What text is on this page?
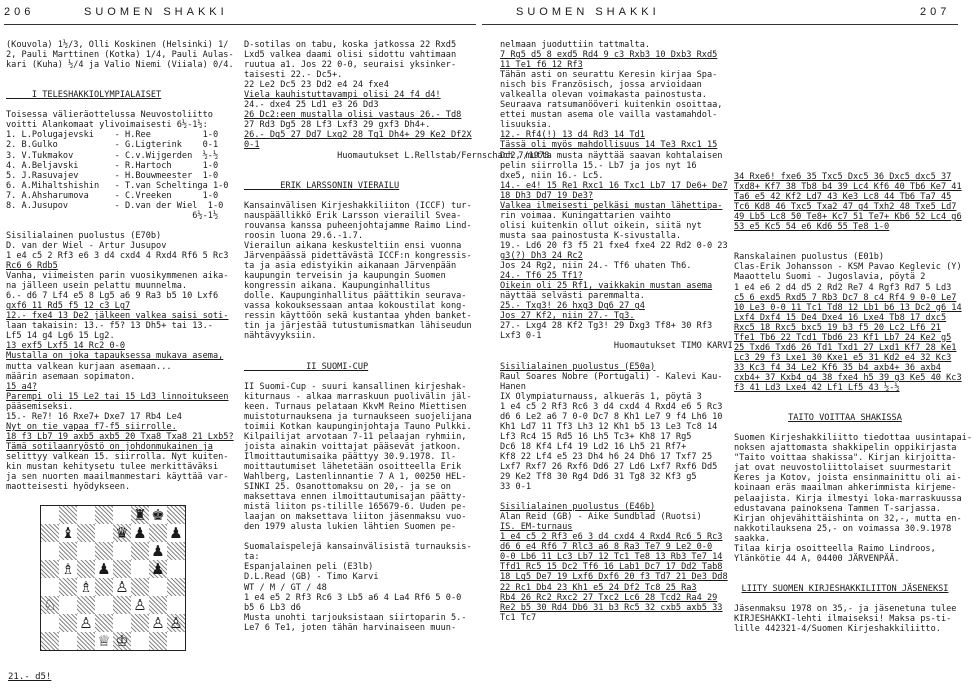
206	SUOMEN SHAKKI

(Kouvola) 1½/3, Olli Koskinen (Helsinki) 1/

2, Pauli Marttinen (Kotka) 1/4, Pauli Aulas-

kari (Kuha) ½/4 ja Valio Niemi (Viiala) 0/4.

I TELESHAKKIOLYMPIALAISET

Toisessa välieräottelussa Neuvostoliitto

voitti Alankomaat ylivoimaisesti 6½-1½:

1. L.Polugajevski    - H.Ree          1-0

2. B.Gulko           - G.Ligterink    0-1

3. V.Tukmakov        - C.v.Wijgerden  ½-½

4. A.Beljavski       - R.Hartoch      1-0

5. J.Rasuvajev       - H.Bouwmeester  1-0

6. A.Mihaltshishin   - T.van Scheltinga 1-0

7. A.Ahsharumova     - C.Vreeken      1-0

8. A.Jusupov         - D.van der Wiel  1-0

6½-1½

Sisilialainen puolustus (E70b)

D. van der Wiel - Artur Jusupov

1 e4 c5 2 Rf3 e6 3 d4 cxd4 4 Rxd4 Rf6 5 Rc3

Rc6 6 Rdb5

Vanha, viimeisten parin vuosikymmenen aika-

na jälleen usein pelattu muunnelma.

6.- d6 7 Lf4 e5 8 Lg5 a6 9 Ra3 b5 10 Lxf6

gxf6 11 Rd5 f5 12 c3 Lg7

12.- fxe4 13 De2 jälkeen valkea saisi soti-

laan takaisin: 13.- f5? 13 Dh5+ tai 13.-

Lf5 14 g4 Lg6 15 Lg2.

13 exf5 Lxf5 14 Rc2 0-0

Mustalla on joka tapauksessa mukava asema,

mutta valkean kurjaan asemaan...

määrin asemaan sopimaton.

15 a4?

Parempi oli 15 Le2 tai 15 Ld3 linnoitukseen

pääsemiseksi.

15.- Re7! 16 Rxe7+ Dxe7 17 Rb4 Le4

Nyt on tie vapaa f7-f5 siirrolle.

18 f3 Lb7 19 axb5 axb5 20 Txa8 Txa8 21 Lxb5?

Tämä sotilaanryöstö on johdonmukainen ja

selittyy valkean 15. siirrolla. Nyt kuiten-

kin mustan kehitysetu tulee merkittäväksi

ja sen nuorten maailmanmestari käyttää var-

maotteisesti hyödykseen.

♚
♛ ♟
♜
♝	♟
♟
♟	♟
♗
♙
♘	♙
♙	♙ ♙
♕ ♔
♗
21.- d5!

D-sotilas on tabu, koska jatkossa 22 Rxd5

Lxd5 valkea daami olisi sidottu vahtimaan

ruutua a1. Jos 22 0-0, seuraisi yksinker-

taisesti 22.- Dc5+.

22 Le2 Dc5 23 Dd2 e4 24 fxe4

Viela kauhistuttavampi olisi 24 f4 d4!

24.- dxe4 25 Ld1 e3 26 Dd3

26 Dc2:een mustalla olisi vastaus 26.- Td8

27 Rd3 Dg5 28 Lf3 Lxf3 29 gxf3 Dh4+.

26.- Dg5 27 Dd7 Lxg2 28 Tg1 Dh4+ 29 Ke2 Df2X

0-1

Huomautukset L.Rellstab/Fernschach 7/1978

ERIK LARSSONIN VIERAILU

Kansainvälisen Kirjeshakkiliiton (ICCF) tur-

nauspäällikkö Erik Larsson vierailil Svea-

rouvansa kanssa puheenjohtajamme Raimo Lind-

roosin luona 29.6.-1.7.

Vierailun aikana keskusteltiin ensi vuonna

Järvenpäässä pidettävästä ICCF:n kongressis-

ta ja asia edistyikin aikanaan Järvenpään

kaupungin terveisin ja kaupungin Suomen

kongressin aikana. Kaupunginhallitus

dolle. Kaupunginhallitus päättikin seurava-

vassa kokouksessaan antaa kokoustilat kong-

ressin käyttöön sekä kustantaa yhden banket-

tin ja järjestää tutustumismatkan lähiseudun

nähtävyyksiin.

II SUOMI-CUP

II Suomi-Cup - suuri kansallinen kirjeshak-

kiturnaus - alkaa marraskuun puolivälin jäl-

keen. Turnaus pelataan KkvM Reino Miettisen

muistoturnauksena ja turnaukseen suojelijana

toimii Kotkan kaupunginjohtaja Tauno Pulkki.

Kilpailijat arvotaan 7-11 pelaajan ryhmiin,

joista ainakin voittajat pääsevät jatkoon.

Ilmoittautumisaika päättyy 30.9.1978. Il-

moittautumiset lähetetään osoitteella Erik

Wahlberg, Lastenlinnantie 7 A 1, 00250 HEL-

SINKI 25. Osanottomaksu on 20,- ja se on

maksettava ennen ilmoittautumisajan päätty-

mistä liiton ps-tilille 165679-6. Uuden pe-

laajan on maksettava liiton jäsenmaksu vuo-

den 1979 alusta lukien lähtien Suomen pe-

Suomalaispelejä kansainvälisistä turnauksis-

ta:

Espanjalainen peli (E3lb)

D.L.Read (GB) - Timo Karvi

WT / M / GT / 48

1 e4 e5 2 Rf3 Rc6 3 Lb5 a6 4 La4 Rf6 5 0-0

b5 6 Lb3 d6

Musta unohti tarjouksistaan siirtoparin 5.-

Le7 6 Te1, joten tähän harvinaiseen muun-

SUOMEN SHAKKI	207

nelmaan juoduttiin tattmalta.

7 Rg5 d5 8 exd5 Rd4 9 c3 Rxb3 10 Dxb3 Rxd5

11 Te1 f6 12 Rf3

Tähän asti on seurattu Keresin kirjaa Spa-

nisch bis Französisch, jossa arvioidaan

valkealla olevan voimakasta painostusta.

Seuraava ratsumanööveri kuitenkin osoittaa,

ettei mustan asema ole vailla vastamahdol-

lisuuksia.

12.- Rf4(!) 13 d4 Rd3 14 Td1

Tässä oli myös mahdollisuus 14 Te3 Rxc1 15

Dc2, mutta musta näyttää saavan kohtalaisen

pelin siirrolla 15.- Lb7 ja jos nyt 16

dxe5, niin 16.- Lc5.

14.- e4! 15 Re1 Rxc1 16 Txc1 Lb7 17 De6+ De7

18 Dh3 Dd7 19 De3?

Valkea ilmeisesti pelkäsi mustan lähettipa-

rin voimaa. Kuningattarien vaihto

olisi kuitenkin ollut oikein, siitä nyt

musta saa painostusta K-sivustalla.

19.- Ld6 20 f3 f5 21 fxe4 fxe4 22 Rd2 0-0 23

g3(?) Dh3 24 Rc2

Jos 24 Rg2, niin 24.- Tf6 uhaten Th6.

24.- Tf6 25 Tf1?

Oikein oli 25 Rf1, vaikkakin mustan asema

näyttää selvästi paremmalta.

25.- Txg3! 26 hxg3 Dg6 27 g4

Jos 27 Kf2, niin 27.- Tg3.

27.- Lxg4 28 Kf2 Tg3! 29 Dxg3 Tf8+ 30 Rf3

Lxf3 0-1

Huomautukset TIMO KARVI

Sisilialainen puolustus (E50a)

Raul Soares Nobre (Portugali) - Kalevi Kau-

Hanen

IX Olympiaturnauss, alkueräs 1, pöytä 3

1 e4 c5 2 Rf3 Rc6 3 d4 cxd4 4 Rxd4 e6 5 Rc3

d6 6 Le2 a6 7 0-0 Dc7 8 Kh1 Le7 9 f4 Lh6 10

Kh1 Ld7 11 Tf3 Lh3 12 Kh1 b5 13 Le3 Tc8 14

Lf3 Rc4 15 Rd5 16 Lh5 Tc3+ Kh8 17 Rg5

Dc6 18 Kf4 Lf4 19 Ld2 16 Lh5 21 Rf7+

Kf8 22 Lf4 e5 23 Dh4 h6 24 Dh6 17 Txf7 25

Lxf7 Rxf7 26 Rxf6 Dd6 27 Ld6 Lxf7 Rxf6 Dd5

29 Ke2 Tf8 30 Rg4 Dd6 31 Tg8 32 Kf3 g5

33 0-1

Sisilialainen puolustus (E46b)

Alan Reid (GB) - Aike Sundblad (Ruotsi)

IS. EM-turnaus

1 e4 c5 2 Rf3 e6 3 d4 cxd4 4 Rxd4 Rc6 5 Rc3

d6 6 e4 Rf6 7 Rlc3 a6 8 Ra3 Te7 9 Le2 0-0

0-0 Lb6 11 Lc3 Lb7 12 Tc1 Te8 13 Rb3 Te7 14

Tfd1 Rc5 15 Dc2 Tf6 16 Lab1 Dc7 17 Dd2 Tab8

18 Lg5 De7 19 Lxf6 Dxf6 20 f3 Td7 21 De3 Dd8

22 Rc1 Db4 23 Kh1 e5 24 Df2 Tc8 25 Ra3

Rb4 26 Rc2 Rxc2 27 Txc2 Lc6 28 Tcd2 Ra4 29

Re2 b5 30 Rd4 Db6 31 b3 Rc5 32 cxb5 axb5 33

Tc1 Tc7

34 Rxe6! fxe6 35 Txc5 Dxc5 36 Dxc5 dxc5 37

Txd8+ Kf7 38 Tb8 b4 39 Lc4 Kf6 40 Tb6 Ke7 41

Ta6 e5 42 Kf2 Ld7 43 Ke3 Lc8 44 Tb6 Ta7 45

Tc6 Kd8 46 Txc5 Txa2 47 g4 Txh2 48 Txe5 Ld7

49 Lb5 Lc8 50 Te8+ Kc7 51 Te7+ Kb6 52 Lc4 g6

53 e5 Kc5 54 e6 Kd6 55 Te8 1-0

Ranskalainen puolustus (E01b)

Clas-Erik Johansson - KSM Pavao Keglevic (Y)

Maaottelu Suomi - Jugoslavia, pöytä 2

1 e4 e6 2 d4 d5 2 Rd2 Re7 4 Rgf3 Rd7 5 Ld3

c5 6 exd5 Rxd5 7 Rb3 Dc7 8 c4 Rf4 9 0-0 Le7

10 Le3 0-0 11 Tc1 Td8 12 Lb1 b6 13 Dc2 g6 14

Lxf4 Dxf4 15 De4 Dxe4 16 Lxe4 Tb8 17 dxc5

Rxc5 18 Rxc5 bxc5 19 b3 f5 20 Lc2 Lf6 21

Tfe1 Tb6 22 Tcd1 Tbd6 23 Kf1 Lb7 24 Ke2 g5

25 Txd6 Txd6 26 Td1 Txd1 27 Lxd1 Kf7 28 Ke1

Lc3 29 f3 Lxe1 30 Kxe1 e5 31 Kd2 e4 32 Kc3

33 Kc3 f4 34 Le2 Kf6 35 b4 axb4+ 36 axb4

cxb4+ 37 Kxb4 g4 38 fxe4 h5 39 g3 Ke5 40 Kc3

f3 41 Ld3 Lxe4 42 Lf1 Lf5 43 ½-½

TAITO VOITTAA SHAKISSA

Suomen Kirjeshakkiliitto tiedottaa uusintapai-

noksen ajattomasta shakkipelin oppikirjasta

"Taito voittaa shakissa". Kirjan kirjoitta-

jat ovat neuvostoliittolaiset suurmestarit

Keres ja Kotov, joista ensinmainittu oli ai-

koinaan eräs maailman ahkerimmista kirjeme-

pelaajista. Kirja ilmestyi loka-marraskuussa

edustavana painoksena Tammen T-sarjassa.

Kirjan ohjevähittäishinta on 32,-, mutta en-

nakkotilauksena 25,- on voimassa 30.9.1978

saakka.

Tilaa kirja osoitteella Raimo Lindroos,

Ylänkötie 44 A, 04400 JÄRVENPÄÄ.

LIITY SUOMEN KIRJESHAKKILIITON JÄSENEKSI

Jäsenmaksu 1978 on 35,- ja jäsenetuna tulee

KIRJESHAKKI-lehti ilmaiseksi! Maksa ps-ti-

lille 442321-4/Suomen Kirjeshakkiliitto.
